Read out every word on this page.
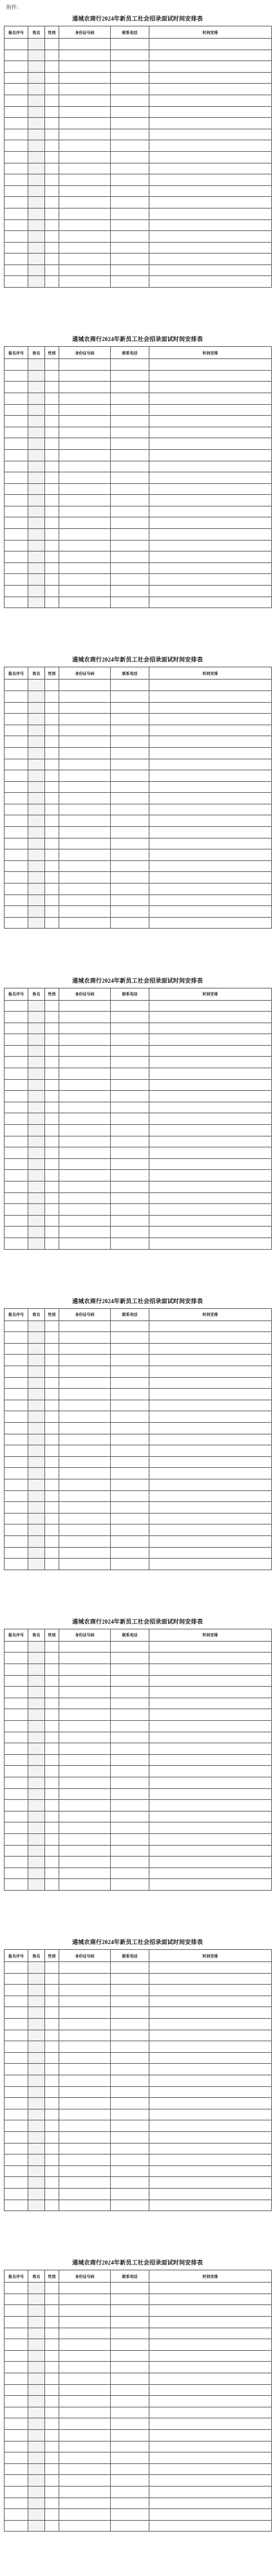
附件：
通城农商行2024年新员工社会招录面试时间安排表
报名序号	姓名	性别	身份证号码	联系电话	时间安排

通城农商行2024年新员工社会招录面试时间安排表
报名序号	姓名	性别	身份证号码	联系电话	时间安排

通城农商行2024年新员工社会招录面试时间安排表
报名序号	姓名	性别	身份证号码	联系电话	时间安排

通城农商行2024年新员工社会招录面试时间安排表
报名序号	姓名	性别	身份证号码	联系电话	时间安排

通城农商行2024年新员工社会招录面试时间安排表
报名序号	姓名	性别	身份证号码	联系电话	时间安排

通城农商行2024年新员工社会招录面试时间安排表
报名序号	姓名	性别	身份证号码	联系电话	时间安排

通城农商行2024年新员工社会招录面试时间安排表
报名序号	姓名	性别	身份证号码	联系电话	时间安排

通城农商行2024年新员工社会招录面试时间安排表
报名序号	姓名	性别	身份证号码	联系电话	时间安排
